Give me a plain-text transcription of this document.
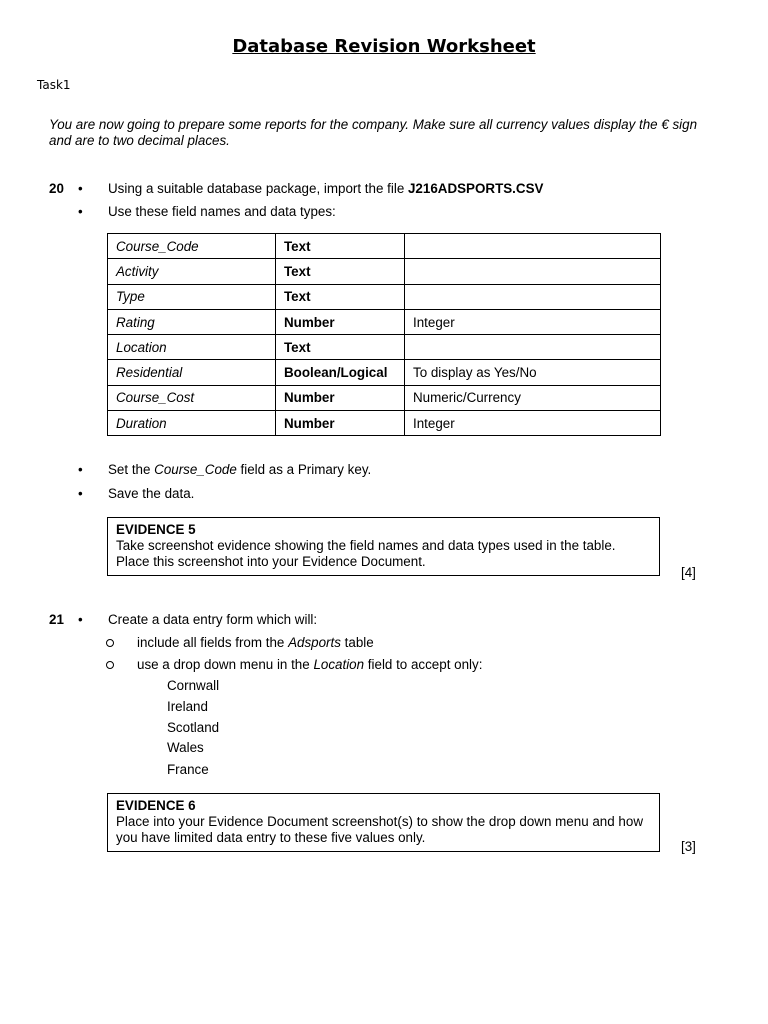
Database Revision Worksheet
Task1
You are now going to prepare some reports for the company. Make sure all currency values display the € sign and are to two decimal places.
20 • Using a suitable database package, import the file J216ADSPORTS.CSV
• Use these field names and data types:
Course_Code	Text	
Activity	Text	
Type	Text	
Rating	Number	Integer
Location	Text	
Residential	Boolean/Logical	To display as Yes/No
Course_Cost	Number	Numeric/Currency
Duration	Number	Integer
• Set the Course_Code field as a Primary key.
• Save the data.
EVIDENCE 5
Take screenshot evidence showing the field names and data types used in the table. Place this screenshot into your Evidence Document.
[4]
21 • Create a data entry form which will:
include all fields from the Adsports table
use a drop down menu in the Location field to accept only:
Cornwall
Ireland
Scotland
Wales
France
EVIDENCE 6
Place into your Evidence Document screenshot(s) to show the drop down menu and how you have limited data entry to these five values only.
[3]
